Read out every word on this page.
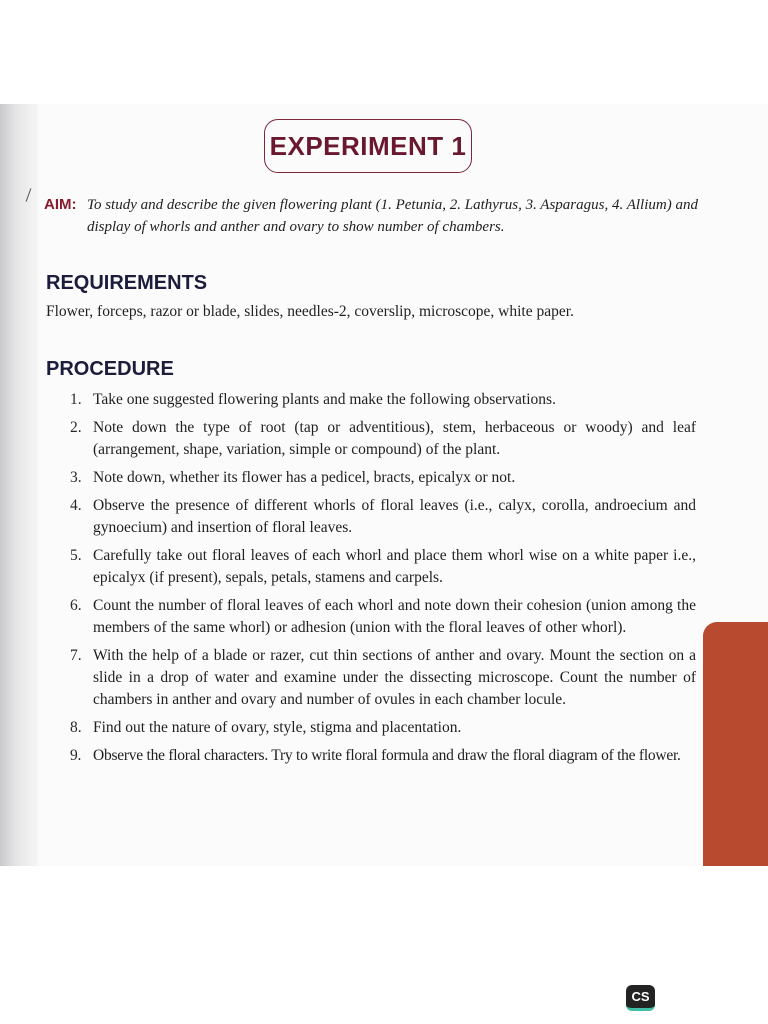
EXPERIMENT 1
AIM: To study and describe the given flowering plant (1. Petunia, 2. Lathyrus, 3. Asparagus, 4. Allium) and display of whorls and anther and ovary to show number of chambers.
REQUIREMENTS
Flower, forceps, razor or blade, slides, needles-2, coverslip, microscope, white paper.
PROCEDURE
1. Take one suggested flowering plants and make the following observations.
2. Note down the type of root (tap or adventitious), stem, herbaceous or woody) and leaf (arrangement, shape, variation, simple or compound) of the plant.
3. Note down, whether its flower has a pedicel, bracts, epicalyx or not.
4. Observe the presence of different whorls of floral leaves (i.e., calyx, corolla, androecium and gynoecium) and insertion of floral leaves.
5. Carefully take out floral leaves of each whorl and place them whorl wise on a white paper i.e., epicalyx (if present), sepals, petals, stamens and carpels.
6. Count the number of floral leaves of each whorl and note down their cohesion (union among the members of the same whorl) or adhesion (union with the floral leaves of other whorl).
7. With the help of a blade or razer, cut thin sections of anther and ovary. Mount the section on a slide in a drop of water and examine under the dissecting microscope. Count the number of chambers in anther and ovary and number of ovules in each chamber locule.
8. Find out the nature of ovary, style, stigma and placentation.
9. Observe the floral characters. Try to write floral formula and draw the floral diagram of the flower.
CS
